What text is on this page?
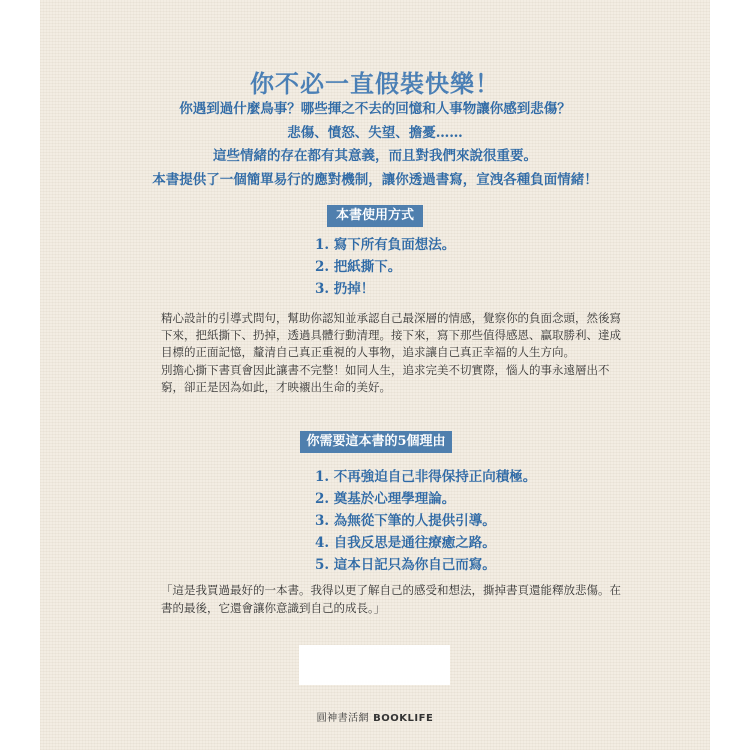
你不必一直假裝快樂！
你遇到過什麼鳥事？哪些揮之不去的回憶和人事物讓你感到悲傷？
悲傷、憤怒、失望、擔憂……
這些情緒的存在都有其意義，而且對我們來說很重要。
本書提供了一個簡單易行的應對機制，讓你透過書寫，宣洩各種負面情緒！
本書使用方式
1. 寫下所有負面想法。
2. 把紙撕下。
3. 扔掉！

精心設計的引導式問句，幫助你認知並承認自己最深層的情感，覺察你的負面念頭，然後寫下來，把紙撕下、扔掉，透過具體行動清理。接下來，寫下那些值得感恩、贏取勝利、達成目標的正面記憶，釐清自己真正重視的人事物，追求讓自己真正幸福的人生方向。

別擔心撕下書頁會因此讓書不完整！如同人生，追求完美不切實際，惱人的事永遠層出不窮，卻正是因為如此，才映襯出生命的美好。

你需要這本書的5個理由
1. 不再強迫自己非得保持正向積極。
2. 奠基於心理學理論。
3. 為無從下筆的人提供引導。
4. 自我反思是通往療癒之路。
5. 這本日記只為你自己而寫。
「這是我買過最好的一本書。我得以更了解自己的感受和想法，撕掉書頁還能釋放悲傷。在書的最後，它還會讓你意識到自己的成長。」
圓神書活網 BOOKLIFE
